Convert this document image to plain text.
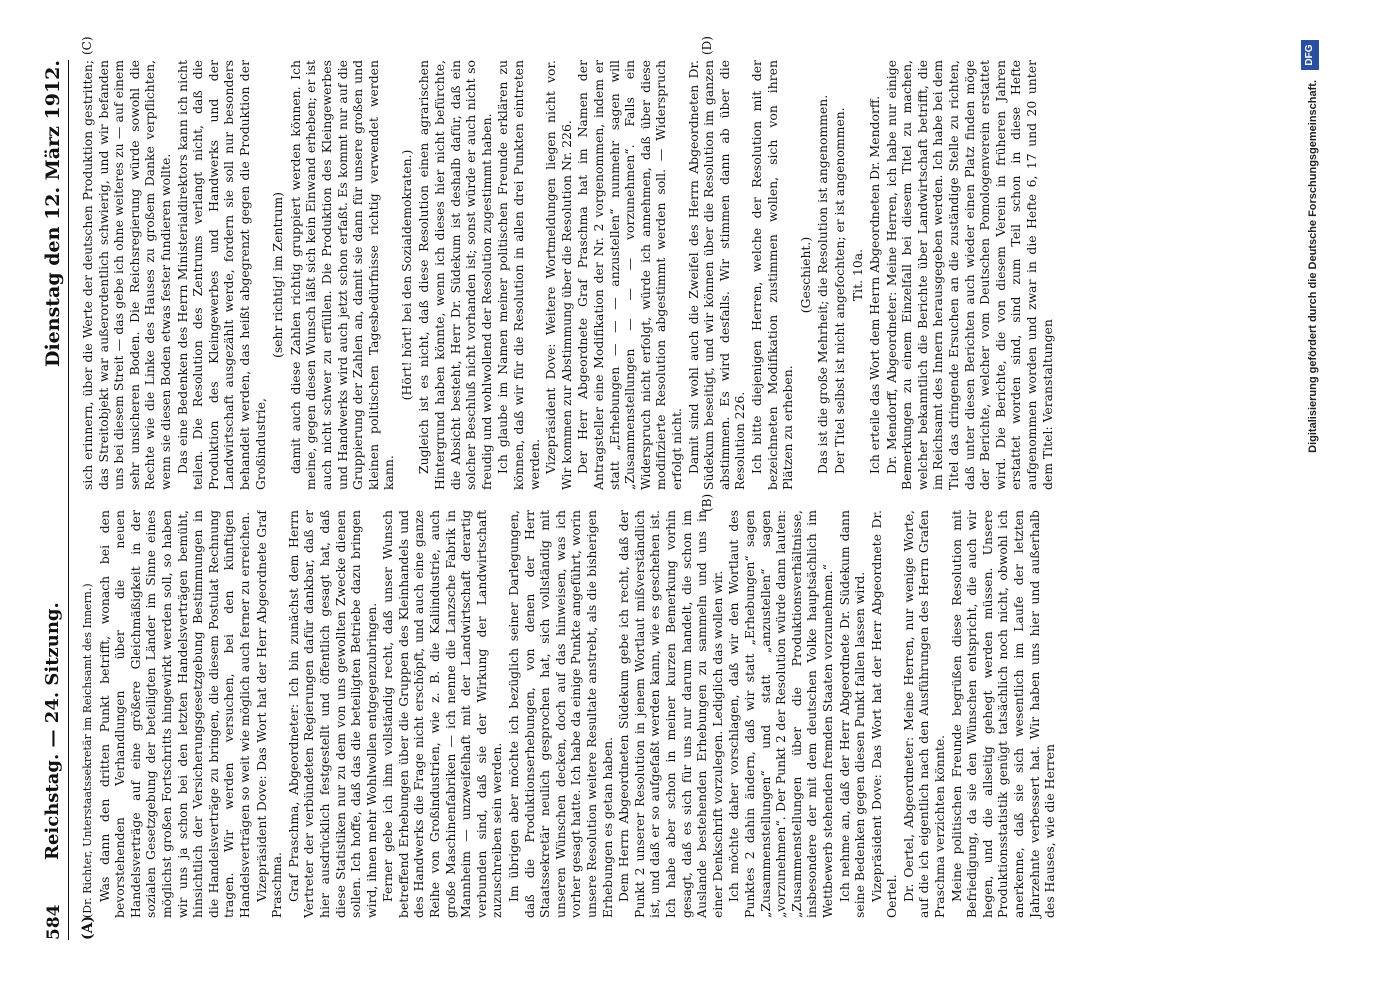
584
Reichstag. — 24. Sitzung.
Dienstag den 12. März 1912.
(A)
(B)
(C)	(D)

(Dr. Richter, Unterstaatssekretär im Reichsamt des Innern.) Was dann den dritten Punkt betrifft, wonach bei den bevorstehenden Verhandlungen über die neuen Handelsverträge auf eine größere Gleichmäßigkeit in der sozialen Gesetzgebung der beteiligten Länder im Sinne eines möglichst großen Fortschritts hingewirkt werden soll, so haben wir uns ja schon bei den letzten Handelsverträgen bemüht, hinsichtlich der Versicherungsgesetzgebung Bestimmungen in die Handelsverträge zu bringen, die diesem Postulat Rechnung tragen. Wir werden versuchen, bei den künftigen Handelsverträgen so weit wie möglich auch ferner zu erreichen. Vizepräsident Dove: Das Wort hat der Herr Abgeordnete Graf Praschma. Graf Praschma, Abgeordneter: Ich bin zunächst dem Herrn Vertreter der verbündeten Regierungen dafür dankbar, daß er hier ausdrücklich festgestellt und öffentlich gesagt hat, daß diese Statistiken nur zu dem von uns gewollten Zwecke dienen sollen. Ich hoffe, daß das die beteiligten Betriebe dazu bringen wird, ihnen mehr Wohlwollen entgegenzubringen. Ferner gebe ich ihm vollständig recht, daß unser Wunsch betreffend Erhebungen über die Gruppen des Kleinhandels und des Handwerks die Frage nicht erschöpft, und auch eine ganze Reihe von Großindustrien, wie z. B. die Kaliindustrie, auch große Maschinenfabriken — ich nenne die Lanzsche Fabrik in Mannheim — unzweifelhaft mit der Landwirtschaft derartig verbunden sind, daß sie der Wirkung der Landwirtschaft zuzuschreiben sein werden. Im übrigen aber möchte ich bezüglich seiner Darlegungen, daß die Produktionserhebungen, von denen der Herr Staatssekretär neulich gesprochen hat, sich vollständig mit unseren Wünschen decken, doch auf das hinweisen, was ich vorher gesagt hatte. Ich habe da einige Punkte angeführt, worin unsere Resolution weitere Resultate anstrebt, als die bisherigen Erhebungen es getan haben. Dem Herrn Abgeordneten Südekum gebe ich recht, daß der Punkt 2 unserer Resolution in jenem Wortlaut mißverständlich ist, und daß er so aufgefaßt werden kann, wie es geschehen ist. Ich habe aber schon in meiner kurzen Bemerkung vorhin gesagt, daß es sich für uns nur darum handelt, die schon im Auslande bestehenden Erhebungen zu sammeln und uns in einer Denkschrift vorzulegen. Lediglich das wollen wir. Ich möchte daher vorschlagen, daß wir den Wortlaut des Punktes 2 dahin ändern, daß wir statt „Erhebungen“ sagen „Zusammenstellungen“ und statt „anzustellen“ sagen „vorzunehmen“. Der Punkt 2 der Resolution würde dann lauten: „Zusammenstellungen über die Produktionsverhältnisse, insbesondere der mit dem deutschen Volke hauptsächlich im Wettbewerb stehenden fremden Staaten vorzunehmen.“ Ich nehme an, daß der Herr Abgeordnete Dr. Südekum dann seine Bedenken gegen diesen Punkt fallen lassen wird. Vizepräsident Dove: Das Wort hat der Herr Abgeordnete Dr. Oertel. Dr. Oertel, Abgeordneter: Meine Herren, nur wenige Worte, auf die ich eigentlich nach den Ausführungen des Herrn Grafen Praschma verzichten könnte. Meine politischen Freunde begrüßen diese Resolution mit Befriedigung, da sie den Wünschen entspricht, die auch wir hegen, und die allseitig gehegt werden müssen. Unsere Produktionsstatistik genügt tatsächlich noch nicht, obwohl ich anerkenne, daß sie sich wesentlich im Laufe der letzten Jahrzehnte verbessert hat. Wir haben uns hier und außerhalb des Hauses, wie die Herren

sich erinnern, über die Werte der deutschen Produktion gestritten; das Streitobjekt war außerordentlich schwierig, und wir befanden uns bei diesem Streit — das gebe ich ohne weiteres zu — auf einem sehr unsicheren Boden. Die Reichsregierung würde sowohl die Rechte wie die Linke des Hauses zu großem Danke verpflichten, wenn sie diesen Boden etwas fester fundieren wollte. Das eine Bedenken des Herrn Ministerialdirektors kann ich nicht teilen. Die Resolution des Zentrums verlangt nicht, daß die Produktion des Kleingewerbes und Handwerks und der Landwirtschaft ausgezählt werde, fordern sie soll nur besonders behandelt werden, das heißt abgegrenzt gegen die Produktion der Großindustrie,

(sehr richtig! im Zentrum) damit auch diese Zahlen richtig gruppiert werden können. Ich meine, gegen diesen Wunsch läßt sich kein Einwand erheben; er ist auch nicht schwer zu erfüllen. Die Produktion des Kleingewerbes und Handwerks wird auch jetzt schon erfaßt. Es kommt nur auf die Gruppierung der Zahlen an, damit sie dann für unsere großen und kleinen politischen Tagesbedürfnisse richtig verwendet werden kann.

(Hört! hört! bei den Sozialdemokraten.) Zugleich ist es nicht, daß diese Resolution einen agrarischen Hintergrund haben könnte, wenn ich dieses hier nicht befürchte, die Absicht besteht, Herr Dr. Südekum ist deshalb dafür, daß ein solcher Beschluß nicht vorhanden ist; sonst würde er auch nicht so freudig und wohlwollend der Resolution zugestimmt haben. Ich glaube im Namen meiner politischen Freunde erklären zu können, daß wir für die Resolution in allen drei Punkten eintreten werden. Vizepräsident Dove: Weitere Wortmeldungen liegen nicht vor. Wir kommen zur Abstimmung über die Resolution Nr. 226. Der Herr Abgeordnete Graf Praschma hat im Namen der Antragsteller eine Modifikation der Nr. 2 vorgenommen, indem er statt „Erhebungen — — — anzustellen“ nunmehr sagen will „Zusammenstellungen — — — vorzunehmen“. Falls ein Widerspruch nicht erfolgt, würde ich annehmen, daß über diese modifizierte Resolution abgestimmt werden soll. — Widerspruch erfolgt nicht. Damit sind wohl auch die Zweifel des Herrn Abgeordneten Dr. Südekum beseitigt, und wir können über die Resolution im ganzen abstimmen. Es wird desfalls. Wir stimmen dann ab über die Resolution 226. Ich bitte diejenigen Herren, welche der Resolution mit der bezeichneten Modifikation zustimmen wollen, sich von ihren Plätzen zu erheben.

(Geschieht.) Das ist die große Mehrheit; die Resolution ist angenommen. Der Titel selbst ist nicht angefochten; er ist angenommen. Tit. 10a. Ich erteile das Wort dem Herrn Abgeordneten Dr. Mendorff. Dr. Mendorff, Abgeordneter: Meine Herren, ich habe nur einige Bemerkungen zu einem Einzelfall bei diesem Titel zu machen, welcher bekanntlich die Berichte über Landwirtschaft betrifft, die im Reichsamt des Innern herausgegeben werden. Ich habe bei dem Titel das dringende Ersuchen an die zuständige Stelle zu richten, daß unter diesen Berichten auch wieder einen Platz finden möge der Berichte, welcher vom Deutschen Pomologenverein erstattet wird. Die Berichte, die von diesem Verein in früheren Jahren erstattet worden sind, sind zum Teil schon in diese Hefte aufgenommen worden und zwar in die Hefte 6, 17 und 20 unter dem Titel: Veranstaltungen	Digitalisierung gefördert durch die Deutsche Forschungsgemeinschaft.
DFG
